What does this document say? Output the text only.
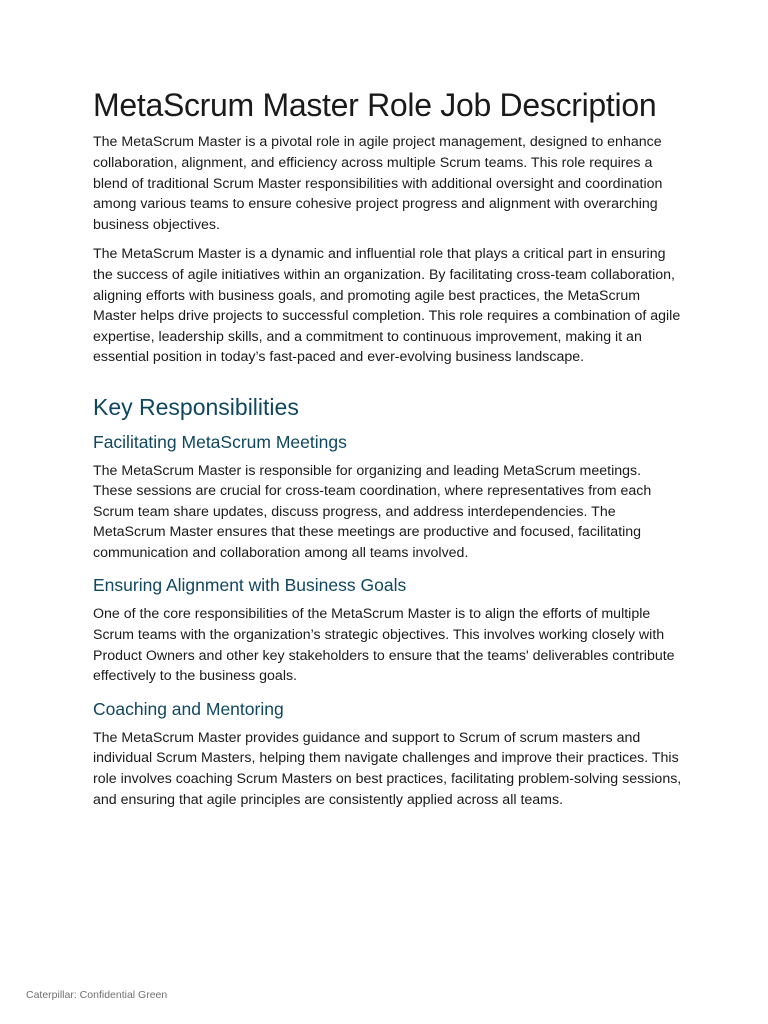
MetaScrum Master Role Job Description

The MetaScrum Master is a pivotal role in agile project management, designed to enhance collaboration, alignment, and efficiency across multiple Scrum teams. This role requires a blend of traditional Scrum Master responsibilities with additional oversight and coordination among various teams to ensure cohesive project progress and alignment with overarching business objectives.

The MetaScrum Master is a dynamic and influential role that plays a critical part in ensuring the success of agile initiatives within an organization. By facilitating cross-team collaboration, aligning efforts with business goals, and promoting agile best practices, the MetaScrum Master helps drive projects to successful completion. This role requires a combination of agile expertise, leadership skills, and a commitment to continuous improvement, making it an essential position in today’s fast-paced and ever-evolving business landscape.

Key Responsibilities
Facilitating MetaScrum Meetings

The MetaScrum Master is responsible for organizing and leading MetaScrum meetings. These sessions are crucial for cross-team coordination, where representatives from each Scrum team share updates, discuss progress, and address interdependencies. The MetaScrum Master ensures that these meetings are productive and focused, facilitating communication and collaboration among all teams involved.

Ensuring Alignment with Business Goals

One of the core responsibilities of the MetaScrum Master is to align the efforts of multiple Scrum teams with the organization’s strategic objectives. This involves working closely with Product Owners and other key stakeholders to ensure that the teams' deliverables contribute effectively to the business goals.

Coaching and Mentoring

The MetaScrum Master provides guidance and support to Scrum of scrum masters and individual Scrum Masters, helping them navigate challenges and improve their practices. This role involves coaching Scrum Masters on best practices, facilitating problem-solving sessions, and ensuring that agile principles are consistently applied across all teams.

Caterpillar: Confidential Green
